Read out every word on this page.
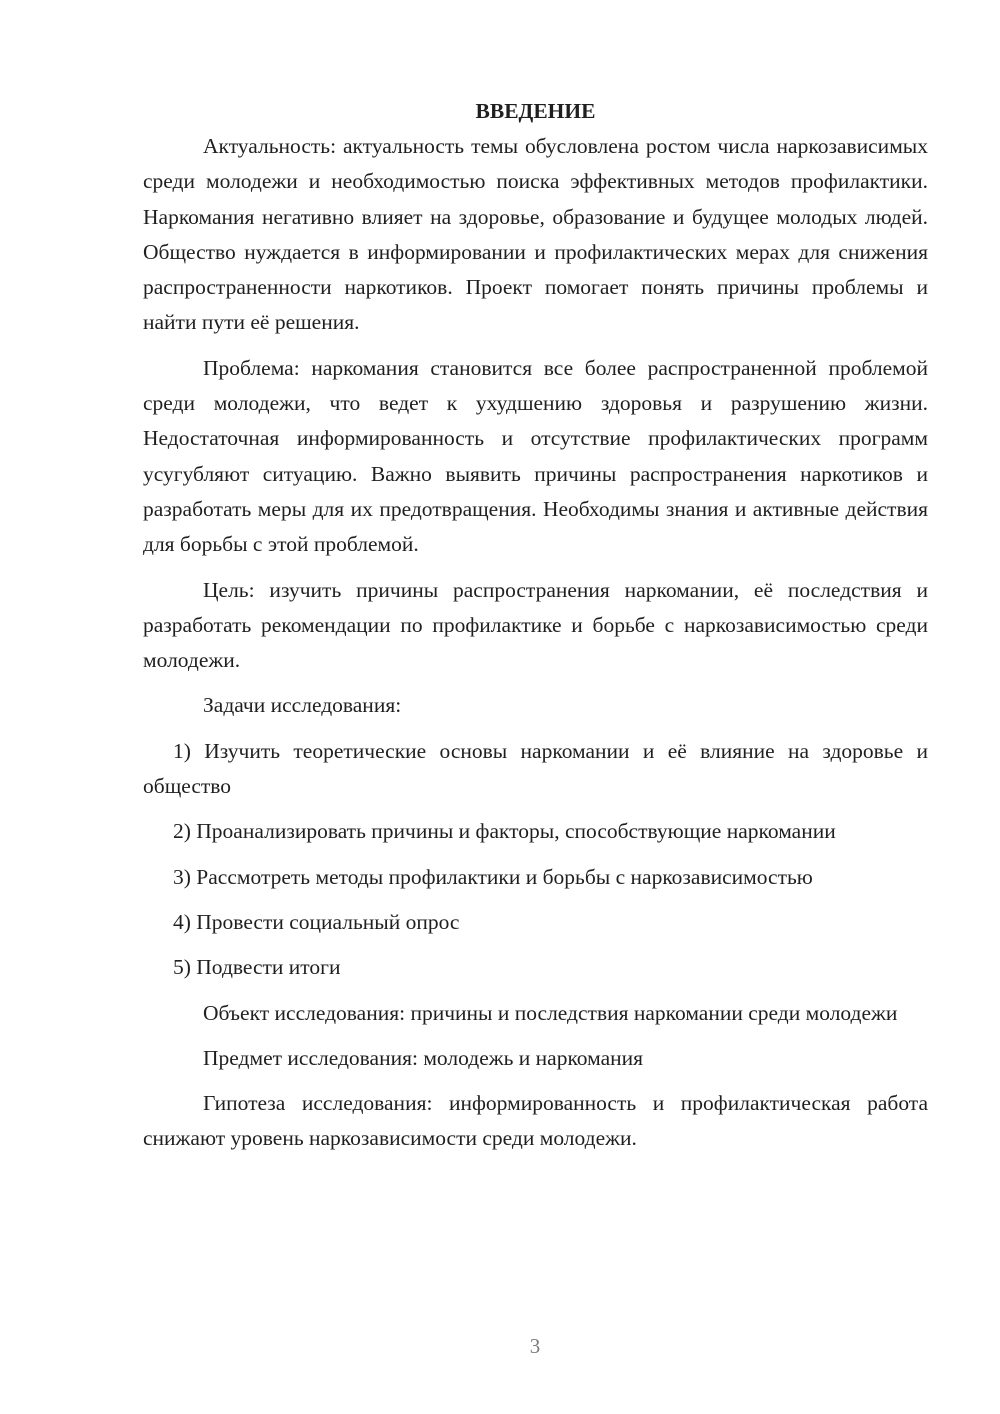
ВВЕДЕНИЕ

Актуальность: актуальность темы обусловлена ростом числа наркозависимых среди молодежи и необходимостью поиска эффективных методов профилактики. Наркомания негативно влияет на здоровье, образование и будущее молодых людей. Общество нуждается в информировании и профилактических мерах для снижения распространенности наркотиков. Проект помогает понять причины проблемы и найти пути её решения.

Проблема: наркомания становится все более распространенной проблемой среди молодежи, что ведет к ухудшению здоровья и разрушению жизни. Недостаточная информированность и отсутствие профилактических программ усугубляют ситуацию. Важно выявить причины распространения наркотиков и разработать меры для их предотвращения. Необходимы знания и активные действия для борьбы с этой проблемой.

Цель: изучить причины распространения наркомании, её последствия и разработать рекомендации по профилактике и борьбе с наркозависимостью среди молодежи.

Задачи исследования:

1) Изучить теоретические основы наркомании и её влияние на здоровье и общество

2) Проанализировать причины и факторы, способствующие наркомании

3) Рассмотреть методы профилактики и борьбы с наркозависимостью

4) Провести социальный опрос

5) Подвести итоги

Объект исследования: причины и последствия наркомании среди молодежи

Предмет исследования: молодежь и наркомания

Гипотеза исследования: информированность и профилактическая работа снижают уровень наркозависимости среди молодежи.

3
